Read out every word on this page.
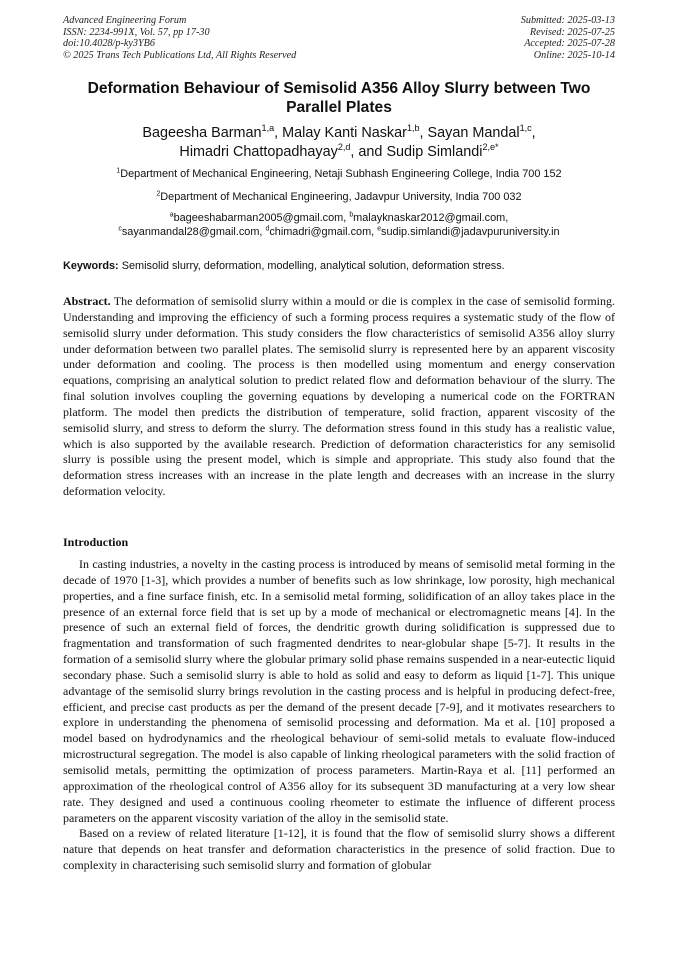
Advanced Engineering Forum
ISSN: 2234-991X, Vol. 57, pp 17-30
doi:10.4028/p-ky3YB6
© 2025 Trans Tech Publications Ltd, All Rights Reserved
Submitted: 2025-03-13
Revised: 2025-07-25
Accepted: 2025-07-28
Online: 2025-10-14
Deformation Behaviour of Semisolid A356 Alloy Slurry between Two Parallel Plates
Bageesha Barman$^{1,a}$, Malay Kanti Naskar$^{1,b}$, Sayan Mandal$^{1,c}$,
Himadri Chattopadhayay$^{2,d}$, and Sudip Simlandi$^{2,e*}$
$^1$Department of Mechanical Engineering, Netaji Subhash Engineering College, India 700 152
$^2$Department of Mechanical Engineering, Jadavpur University, India 700 032
$^a$bageeshabarman2005@gmail.com, $^b$malayknaskar2012@gmail.com,
$^c$sayanmandal28@gmail.com, $^d$chimadri@gmail.com, $^e$sudip.simlandi@jadavpuruniversity.in
Keywords: Semisolid slurry, deformation, modelling, analytical solution, deformation stress.
Abstract. The deformation of semisolid slurry within a mould or die is complex in the case of semisolid forming. Understanding and improving the efficiency of such a forming process requires a systematic study of the flow of semisolid slurry under deformation. This study considers the flow characteristics of semisolid A356 alloy slurry under deformation between two parallel plates. The semisolid slurry is represented here by an apparent viscosity under deformation and cooling. The process is then modelled using momentum and energy conservation equations, comprising an analytical solution to predict related flow and deformation behaviour of the slurry. The final solution involves coupling the governing equations by developing a numerical code on the FORTRAN platform. The model then predicts the distribution of temperature, solid fraction, apparent viscosity of the semisolid slurry, and stress to deform the slurry. The deformation stress found in this study has a realistic value, which is also supported by the available research. Prediction of deformation characteristics for any semisolid slurry is possible using the present model, which is simple and appropriate. This study also found that the deformation stress increases with an increase in the plate length and decreases with an increase in the slurry deformation velocity.
Introduction

In casting industries, a novelty in the casting process is introduced by means of semisolid metal forming in the decade of 1970 [1-3], which provides a number of benefits such as low shrinkage, low porosity, high mechanical properties, and a fine surface finish, etc. In a semisolid metal forming, solidification of an alloy takes place in the presence of an external force field that is set up by a mode of mechanical or electromagnetic means [4]. In the presence of such an external field of forces, the dendritic growth during solidification is suppressed due to fragmentation and transformation of such fragmented dendrites to near-globular shape [5-7]. It results in the formation of a semisolid slurry where the globular primary solid phase remains suspended in a near-eutectic liquid secondary phase. Such a semisolid slurry is able to hold as solid and easy to deform as liquid [1-7]. This unique advantage of the semisolid slurry brings revolution in the casting process and is helpful in producing defect-free, efficient, and precise cast products as per the demand of the present decade [7-9], and it motivates researchers to explore in understanding the phenomena of semisolid processing and deformation. Ma et al. [10] proposed a model based on hydrodynamics and the rheological behaviour of semi-solid metals to evaluate flow-induced microstructural segregation. The model is also capable of linking rheological parameters with the solid fraction of semisolid metals, permitting the optimization of process parameters. Martin-Raya et al. [11] performed an approximation of the rheological control of A356 alloy for its subsequent 3D manufacturing at a very low shear rate. They designed and used a continuous cooling rheometer to estimate the influence of different process parameters on the apparent viscosity variation of the alloy in the semisolid state.

Based on a review of related literature [1-12], it is found that the flow of semisolid slurry shows a different nature that depends on heat transfer and deformation characteristics in the presence of solid fraction. Due to complexity in characterising such semisolid slurry and formation of globular
